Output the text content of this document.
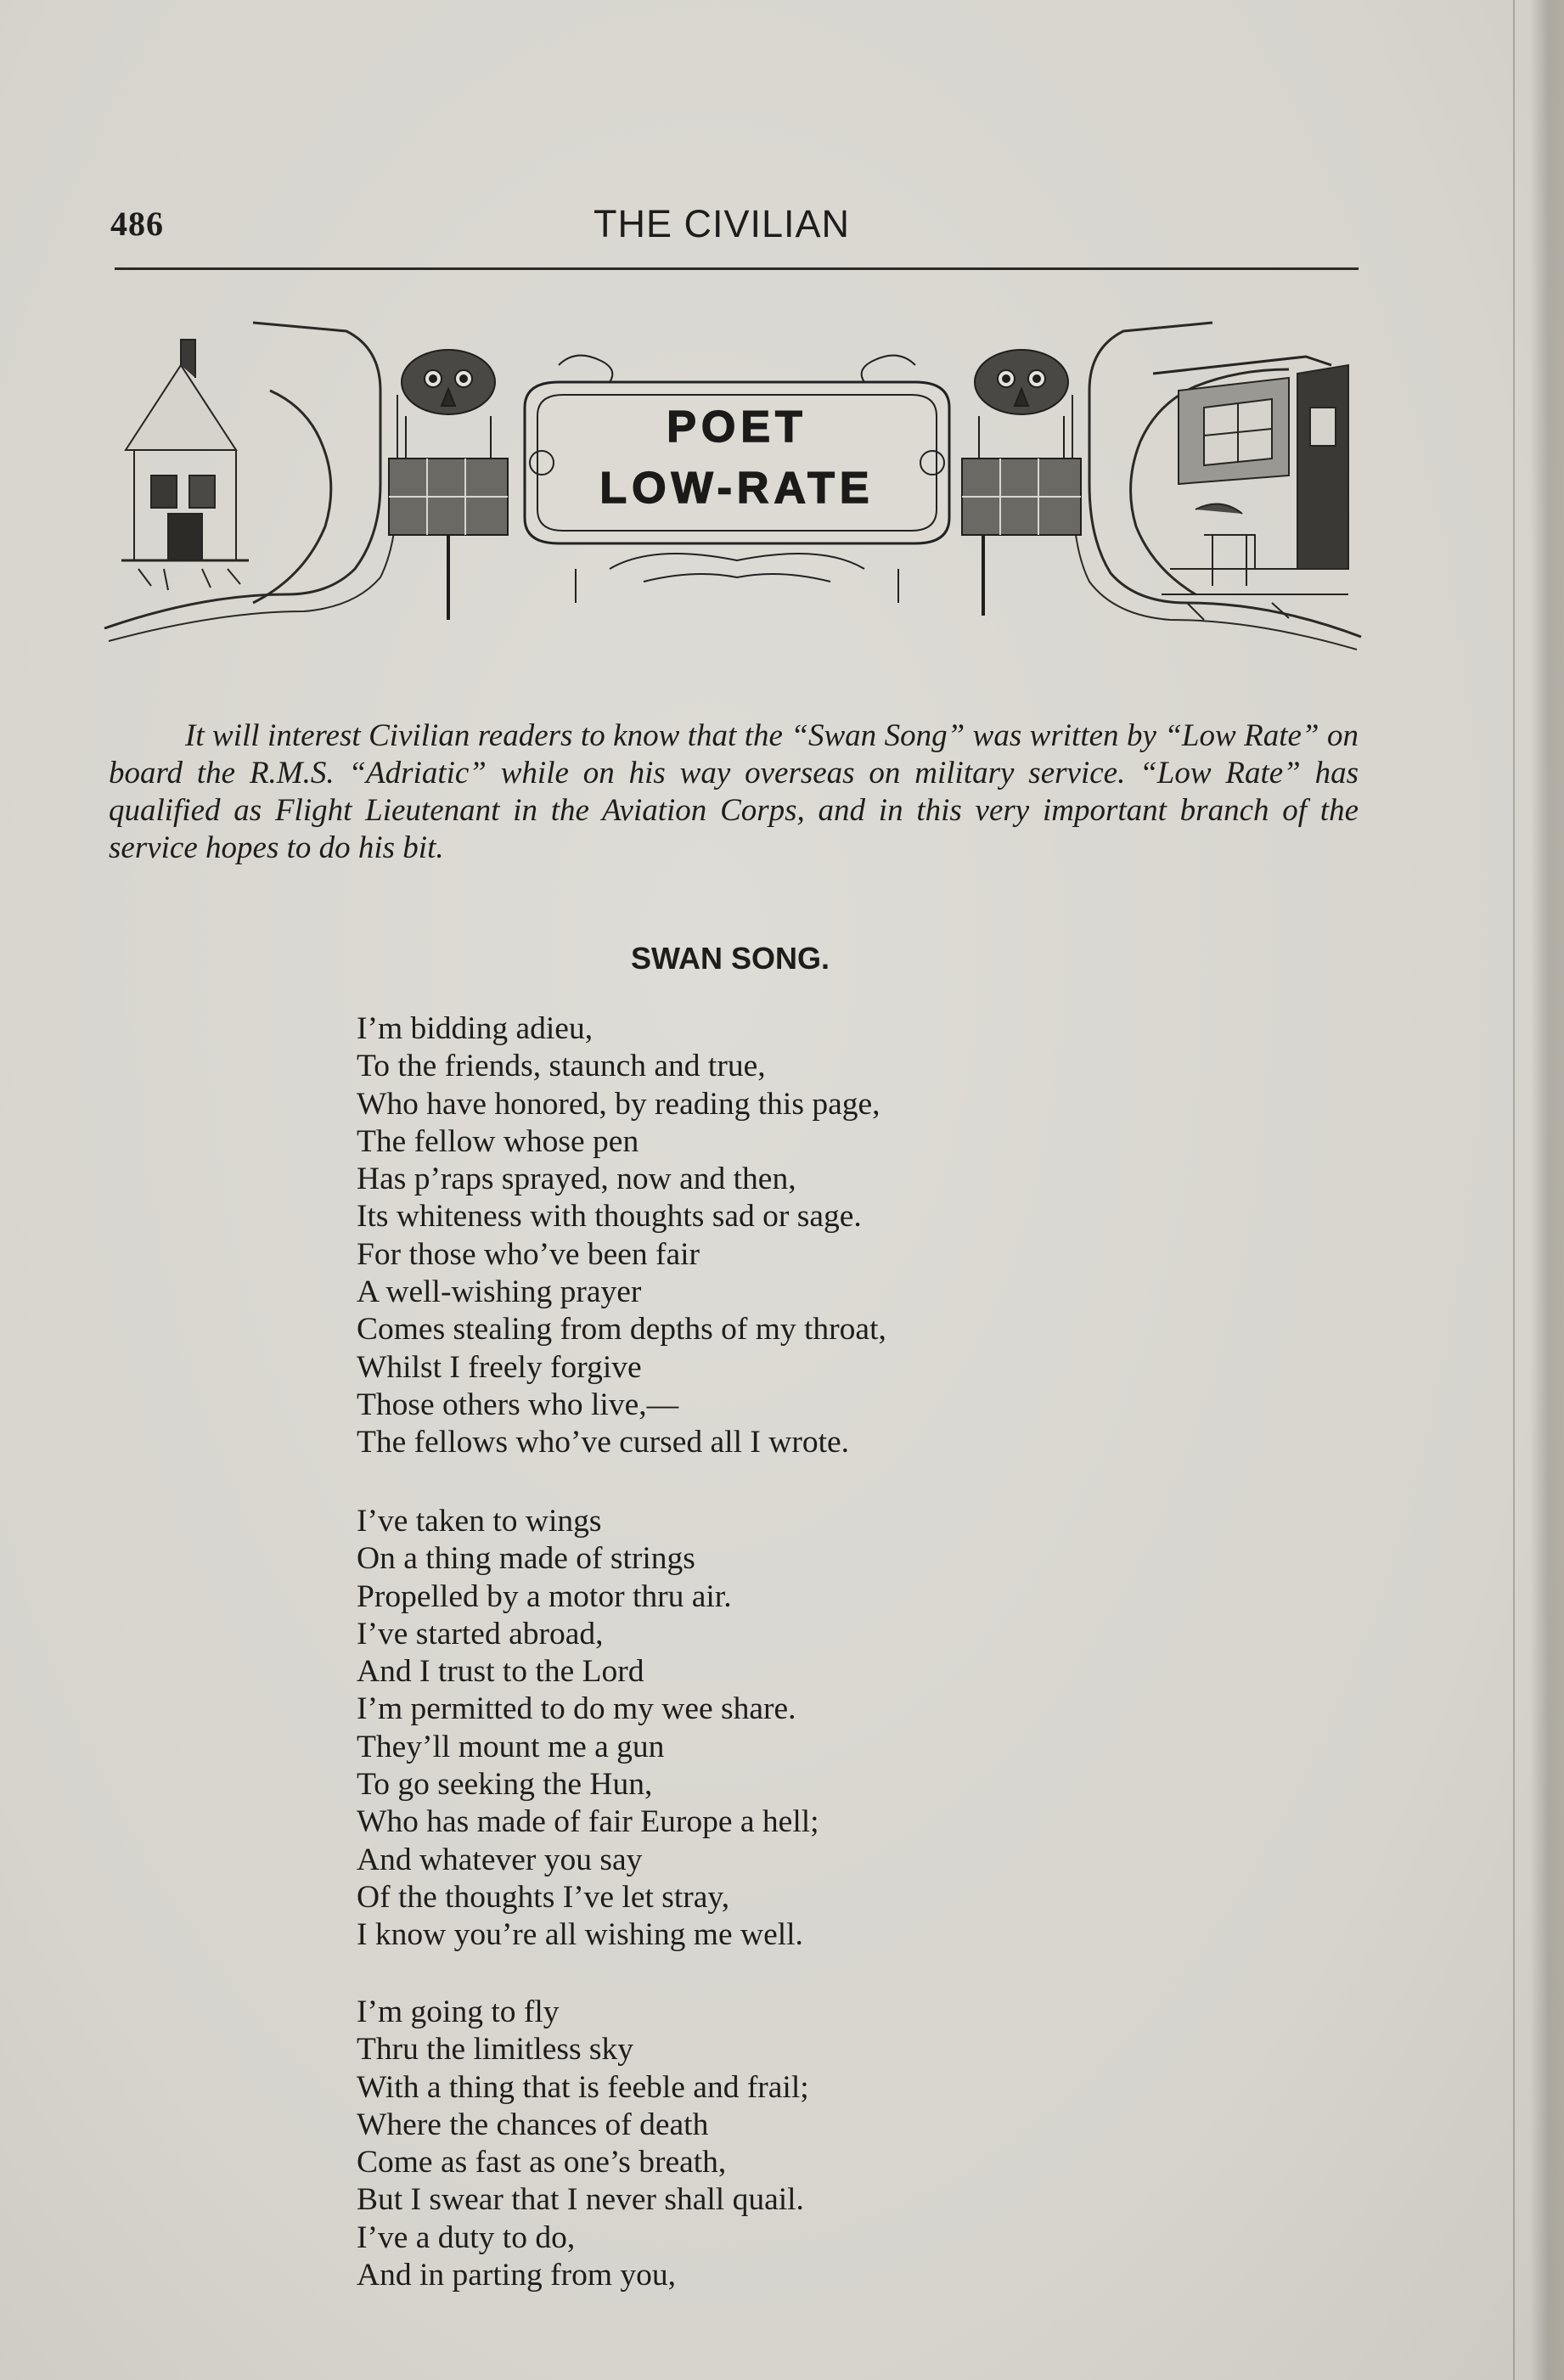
486	THE CIVILIAN
POET
LOW-RATE
It will interest Civilian readers to know that the “Swan Song” was written by “Low Rate” on board the R.M.S. “Adriatic” while on his way overseas on military service. “Low Rate” has qualified as Flight Lieutenant in the Aviation Corps, and in this very important branch of the service hopes to do his bit.
SWAN SONG.
I’m bidding adieu,
To the friends, staunch and true,
Who have honored, by reading this page,
The fellow whose pen
Has p’raps sprayed, now and then,
Its whiteness with thoughts sad or sage.
For those who’ve been fair
A well-wishing prayer
Comes stealing from depths of my throat,
Whilst I freely forgive
Those others who live,—
The fellows who’ve cursed all I wrote.
I’ve taken to wings
On a thing made of strings
Propelled by a motor thru air.
I’ve started abroad,
And I trust to the Lord
I’m permitted to do my wee share.
They’ll mount me a gun
To go seeking the Hun,
Who has made of fair Europe a hell;
And whatever you say
Of the thoughts I’ve let stray,
I know you’re all wishing me well.
I’m going to fly
Thru the limitless sky
With a thing that is feeble and frail;
Where the chances of death
Come as fast as one’s breath,
But I swear that I never shall quail.
I’ve a duty to do,
And in parting from you,
